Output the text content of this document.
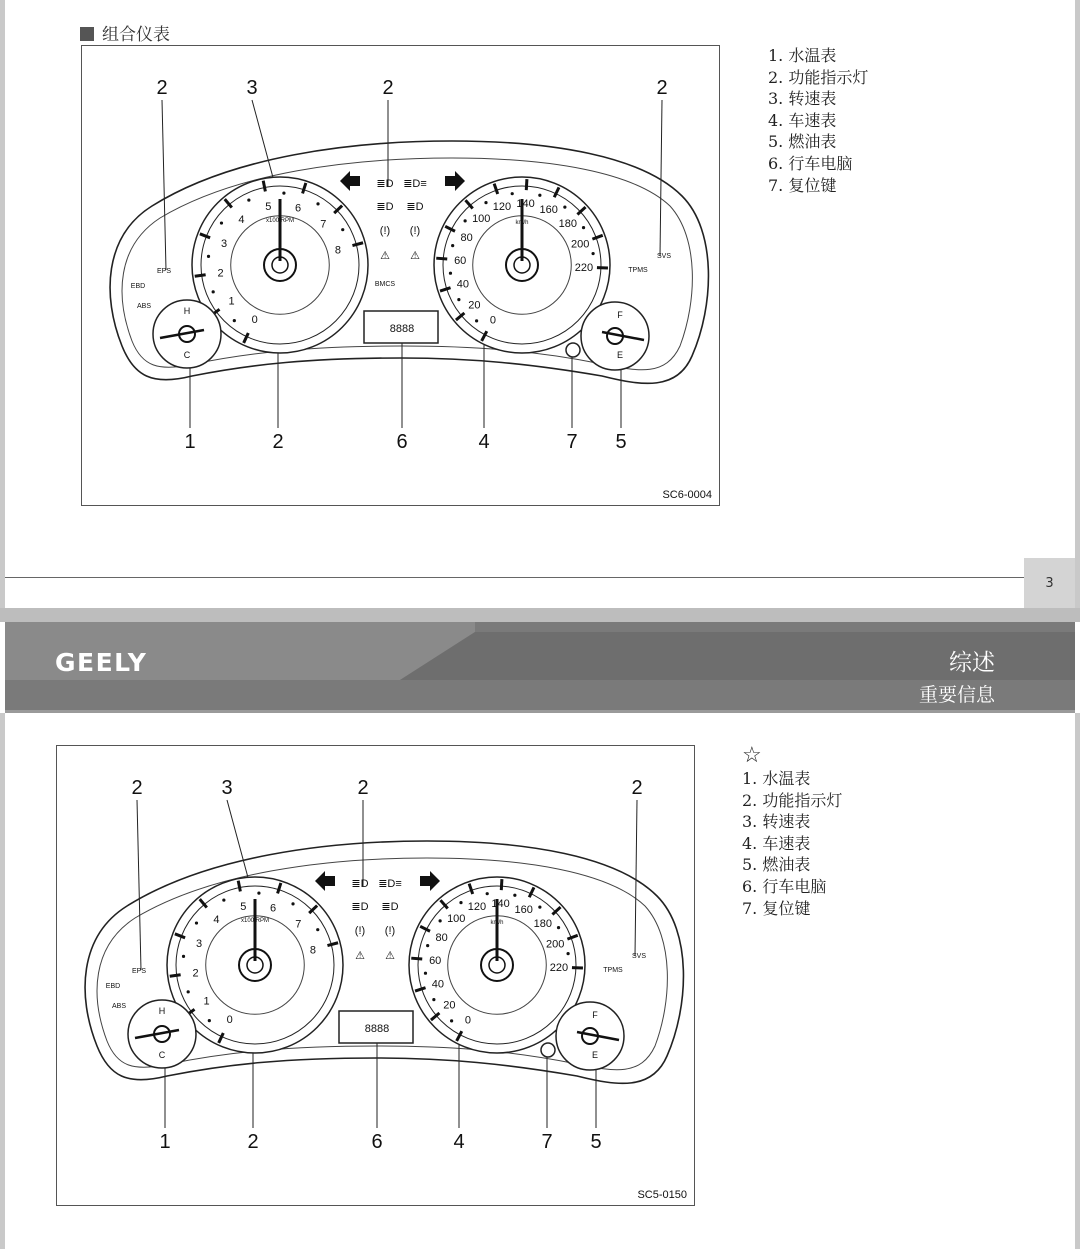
组合仪表
2	3	2	2
1	2	6	4	7 5
0
1
2
3
4
5 6
7
8
x100 RPM
0
20
40
60
80
100
120 140 160
180
200
220
km/h
H
C
F
E
≣D ≣D≡
≣D ≣D
(!) (!)
⚠ ⚠
EPS
EBD
ABS
BMCS
TPMS
SVS
8888
SC6-0004
1. 水温表
2. 功能指示灯
3. 转速表
4. 车速表
5. 燃油表
6. 行车电脑
7. 复位键
3
GEELY	综述
重要信息
2	3	2	2
1	2	6	4	7 5
0
1
2
3
4
5 6
7
8
x100 RPM
0
20
40
60
80
100
120 140 160
180
200
220
km/h
H
C
F
E
≣D ≣D≡
≣D ≣D
(!) (!)
⚠ ⚠
EPS
EBD
ABS
TPMS
SVS
8888
SC5-0150
☆
1. 水温表
2. 功能指示灯
3. 转速表
4. 车速表
5. 燃油表
6. 行车电脑
7. 复位键
